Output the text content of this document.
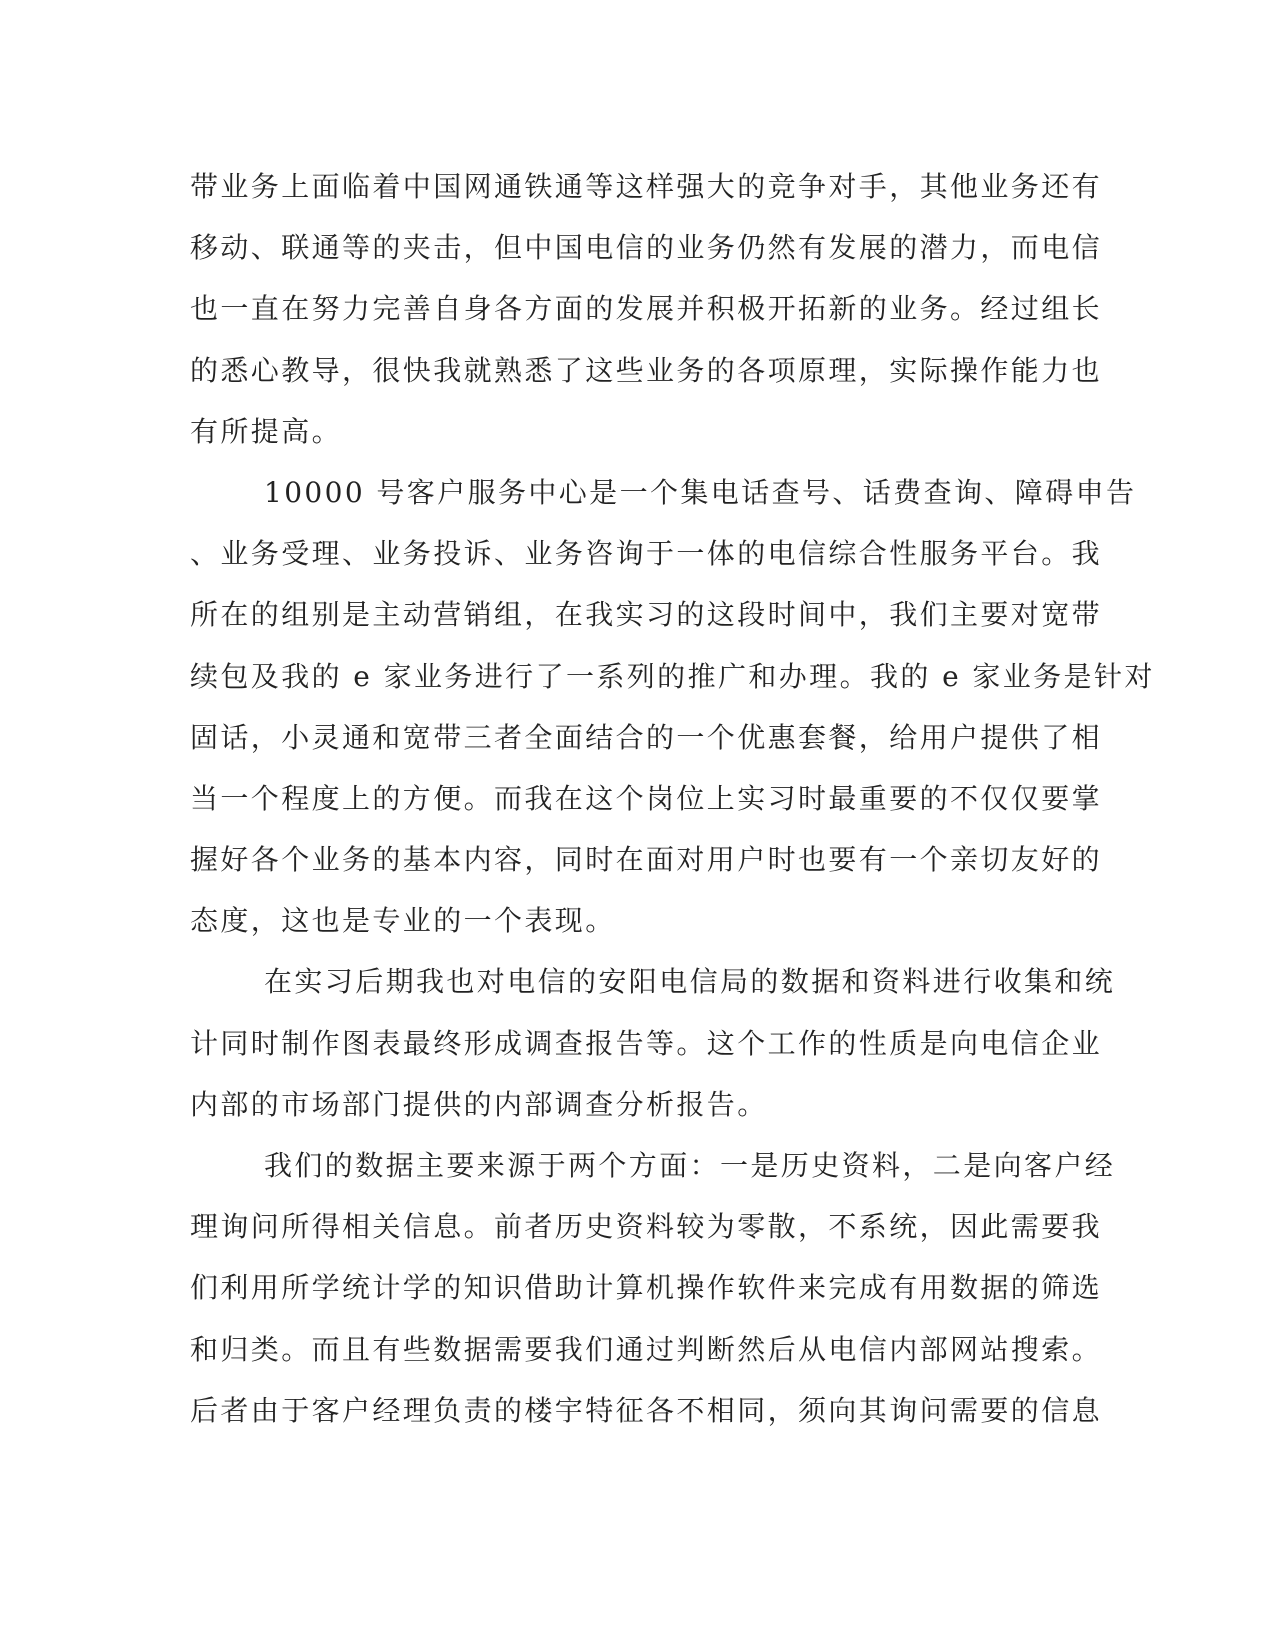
带业务上面临着中国网通铁通等这样强大的竞争对手，其他业务还有
移动、联通等的夹击，但中国电信的业务仍然有发展的潜力，而电信
也一直在努力完善自身各方面的发展并积极开拓新的业务。经过组长
的悉心教导，很快我就熟悉了这些业务的各项原理，实际操作能力也
有所提高。
10000 号客户服务中心是一个集电话查号、话费查询、障碍申告
、业务受理、业务投诉、业务咨询于一体的电信综合性服务平台。我
所在的组别是主动营销组，在我实习的这段时间中，我们主要对宽带
续包及我的 e 家业务进行了一系列的推广和办理。我的 e 家业务是针对
固话，小灵通和宽带三者全面结合的一个优惠套餐，给用户提供了相
当一个程度上的方便。而我在这个岗位上实习时最重要的不仅仅要掌
握好各个业务的基本内容，同时在面对用户时也要有一个亲切友好的
态度，这也是专业的一个表现。
在实习后期我也对电信的安阳电信局的数据和资料进行收集和统
计同时制作图表最终形成调查报告等。这个工作的性质是向电信企业
内部的市场部门提供的内部调查分析报告。
我们的数据主要来源于两个方面：一是历史资料，二是向客户经
理询问所得相关信息。前者历史资料较为零散，不系统，因此需要我
们利用所学统计学的知识借助计算机操作软件来完成有用数据的筛选
和归类。而且有些数据需要我们通过判断然后从电信内部网站搜索。
后者由于客户经理负责的楼宇特征各不相同，须向其询问需要的信息
